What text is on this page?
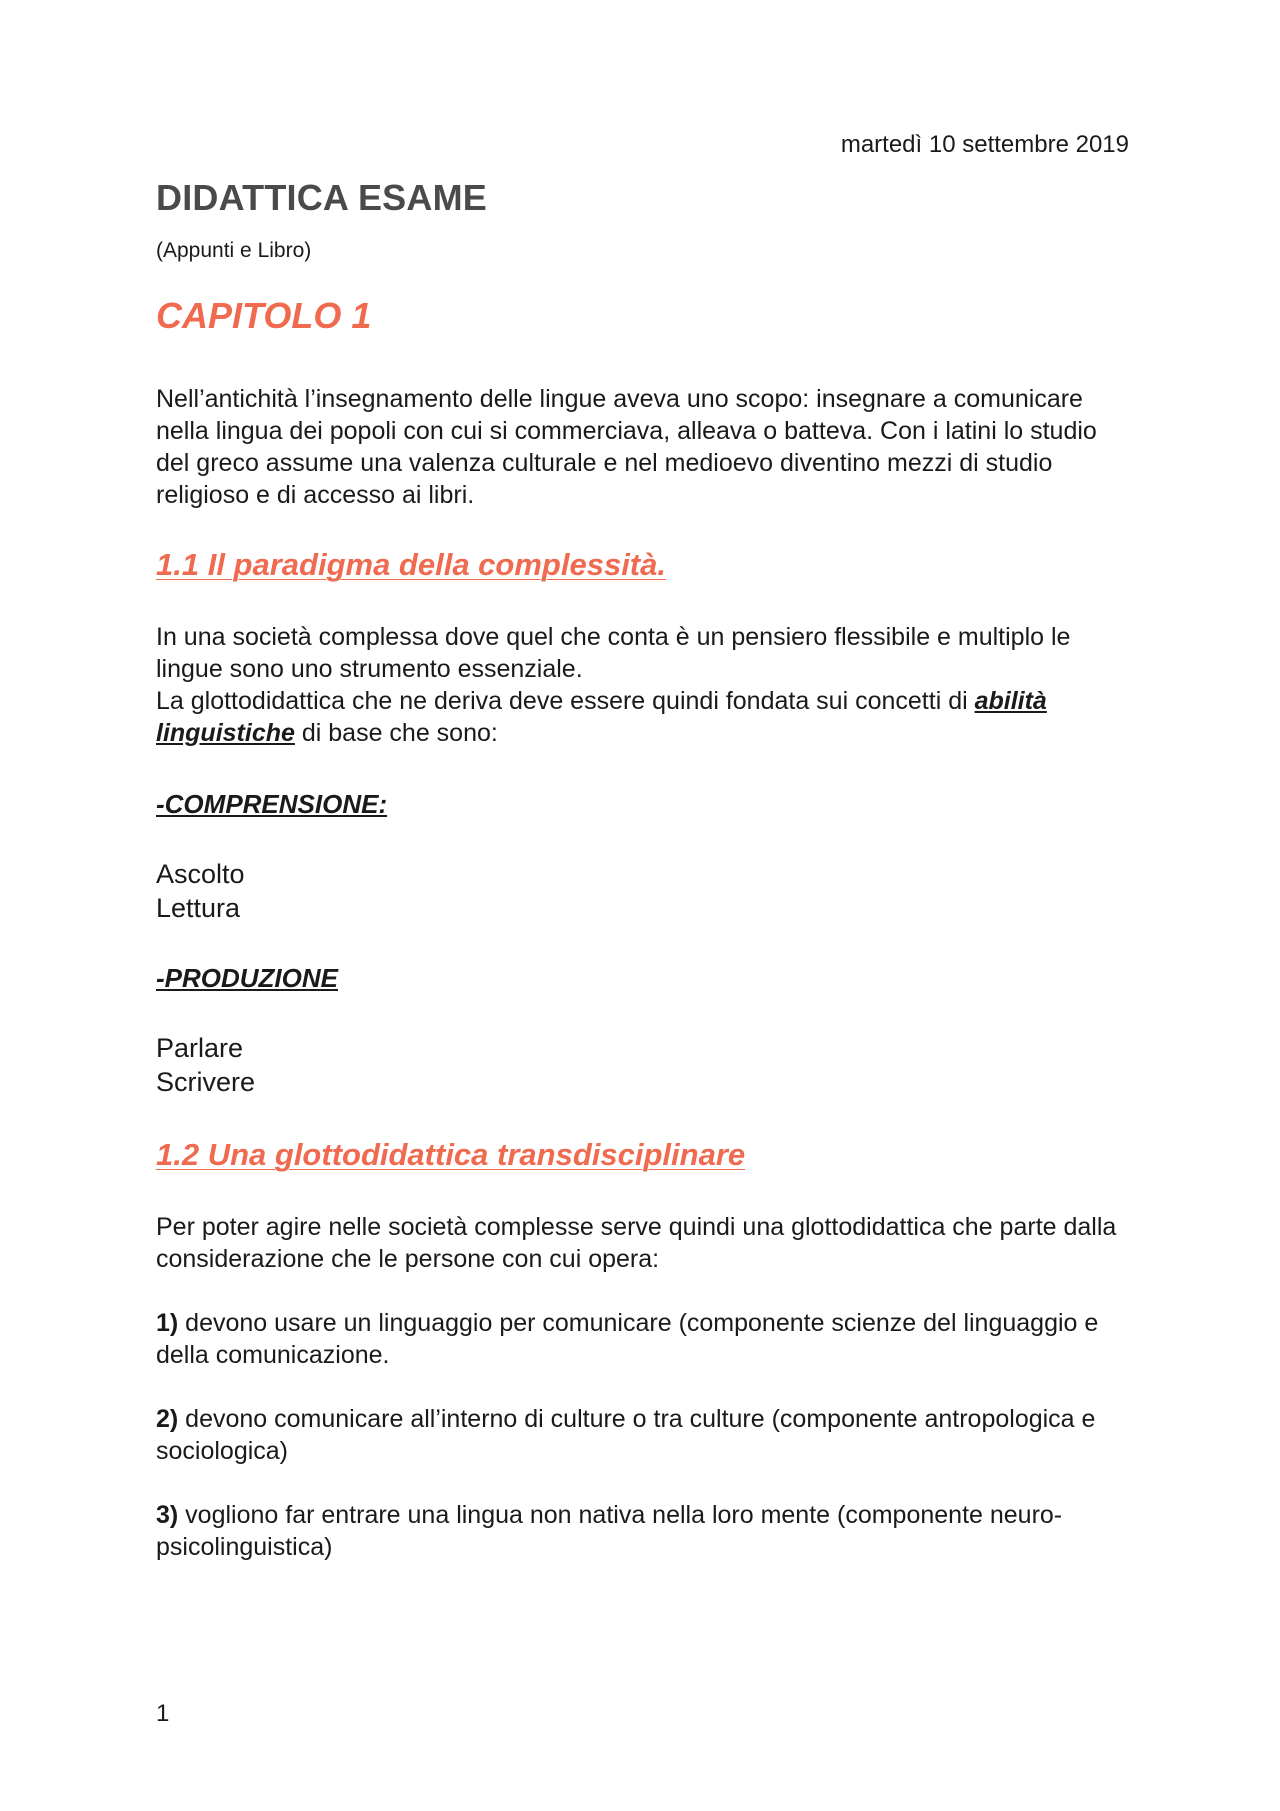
martedì 10 settembre 2019
DIDATTICA ESAME

(Appunti e Libro)

CAPITOLO 1

Nell’antichità l’insegnamento delle lingue aveva uno scopo: insegnare a comunicare nella lingua dei popoli con cui si commerciava, alleava o batteva. Con i latini lo studio del greco assume una valenza culturale e nel medioevo diventino mezzi di studio religioso e di accesso ai libri.

1.1 Il paradigma della complessità.

In una società complessa dove quel che conta è un pensiero flessibile e multiplo le lingue sono uno strumento essenziale.
La glottodidattica che ne deriva deve essere quindi fondata sui concetti di abilità linguistiche di base che sono:

-COMPRENSIONE:
Ascolto
Lettura
-PRODUZIONE
Parlare
Scrivere
1.2 Una glottodidattica transdisciplinare

Per poter agire nelle società complesse serve quindi una glottodidattica che parte dalla considerazione che le persone con cui opera:

1) devono usare un linguaggio per comunicare (componente scienze del linguaggio e della comunicazione.

2) devono comunicare all’interno di culture o tra culture (componente antropologica e sociologica)

3) vogliono far entrare una lingua non nativa nella loro mente (componente neuro-psicolinguistica)

1
